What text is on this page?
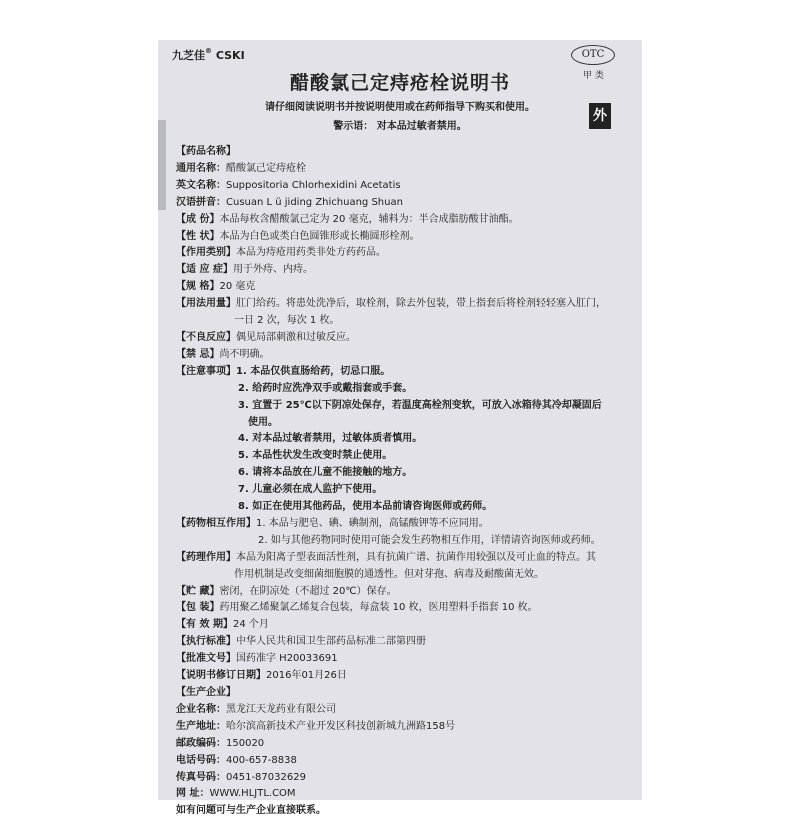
九芝佳® CSKI	OTC
甲 类
醋酸氯己定痔疮栓说明书
请仔细阅读说明书并按说明使用或在药师指导下购买和使用。
警示语： 对本品过敏者禁用。
外
【药品名称】
通用名称： 醋酸氯己定痔疮栓
英文名称： Suppositoria Chlorhexidini Acetatis
汉语拼音： Cusuan L ü jiding Zhichuang Shuan
【成 份】 本品每枚含醋酸氯己定为 20 毫克，辅料为：半合成脂肪酸甘油酯。
【性 状】 本品为白色或类白色圆锥形或长椭圆形栓剂。
【作用类别】 本品为痔疮用药类非处方药药品。
【适 应 症】 用于外痔、内痔。
【规 格】 20 毫克
【用法用量】 肛门给药。将患处洗净后，取栓剂，除去外包装，带上指套后将栓剂轻轻塞入肛门，
一日 2 次，每次 1 枚。
【不良反应】 偶见局部刺激和过敏反应。
【禁 忌】 尚不明确。
【注意事项】 1. 本品仅供直肠给药，切忌口服。
2. 给药时应洗净双手或戴指套或手套。
3. 宜置于 25℃以下阴凉处保存，若温度高栓剂变软，可放入冰箱待其冷却凝固后
使用。
4. 对本品过敏者禁用，过敏体质者慎用。
5. 本品性状发生改变时禁止使用。
6. 请将本品放在儿童不能接触的地方。
7. 儿童必须在成人监护下使用。
8. 如正在使用其他药品，使用本品前请咨询医师或药师。
【药物相互作用】 1. 本品与肥皂、碘、碘制剂，高锰酸钾等不应同用。
2. 如与其他药物同时使用可能会发生药物相互作用，详情请咨询医师或药师。
【药理作用】 本品为阳离子型表面活性剂，具有抗菌广谱、抗菌作用较强以及可止血的特点。其
作用机制是改变细菌细胞膜的通透性。但对芽孢、病毒及耐酸菌无效。
【贮 藏】 密闭，在阴凉处（不超过 20℃）保存。
【包 装】 药用聚乙烯聚氯乙烯复合包装，每盒装 10 枚，医用塑料手指套 10 枚。
【有 效 期】 24 个月
【执行标准】 中华人民共和国卫生部药品标准二部第四册
【批准文号】 国药准字 H20033691
【说明书修订日期】 2016年01月26日
【生产企业】
企业名称： 黑龙江天龙药业有限公司
生产地址： 哈尔滨高新技术产业开发区科技创新城九洲路158号
邮政编码： 150020
电话号码： 400-657-8838
传真号码： 0451-87032629
网 址： WWW.HLJTL.COM
如有问题可与生产企业直接联系。
